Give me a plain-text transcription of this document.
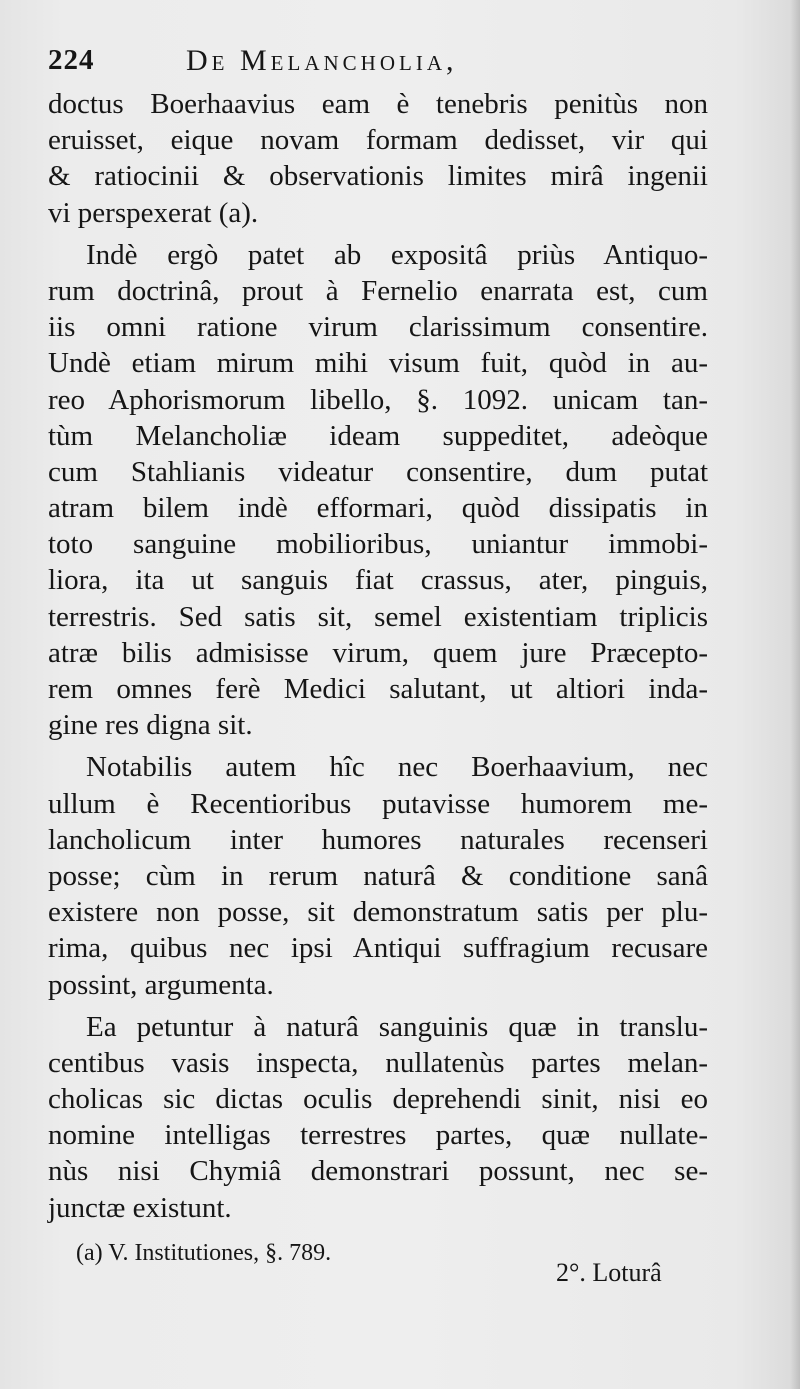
224	De Melancholia,
doctus Boerhaavius eam è tenebris penitùs non
eruisset, eique novam formam dedisset, vir qui
& ratiocinii & observationis limites mirâ ingenii
vi perspexerat (a).
Indè ergò patet ab expositâ priùs Antiquo-
rum doctrinâ, prout à Fernelio enarrata est, cum
iis omni ratione virum clarissimum consentire.
Undè etiam mirum mihi visum fuit, quòd in au-
reo Aphorismorum libello, §. 1092. unicam tan-
tùm Melancholiæ ideam suppeditet, adeòque
cum Stahlianis videatur consentire, dum putat
atram bilem indè efformari, quòd dissipatis in
toto sanguine mobilioribus, uniantur immobi-
liora, ita ut sanguis fiat crassus, ater, pinguis,
terrestris. Sed satis sit, semel existentiam triplicis
atræ bilis admisisse virum, quem jure Præcepto-
rem omnes ferè Medici salutant, ut altiori inda-
gine res digna sit.
Notabilis autem hîc nec Boerhaavium, nec
ullum è Recentioribus putavisse humorem me-
lancholicum inter humores naturales recenseri
posse; cùm in rerum naturâ & conditione sanâ
existere non posse, sit demonstratum satis per plu-
rima, quibus nec ipsi Antiqui suffragium recusare
possint, argumenta.
Ea petuntur à naturâ sanguinis quæ in translu-
centibus vasis inspecta, nullatenùs partes melan-
cholicas sic dictas oculis deprehendi sinit, nisi eo
nomine intelligas terrestres partes, quæ nullate-
nùs nisi Chymiâ demonstrari possunt, nec se-
junctæ existunt.
(a) V. Institutiones, §. 789.
2°. Loturâ
